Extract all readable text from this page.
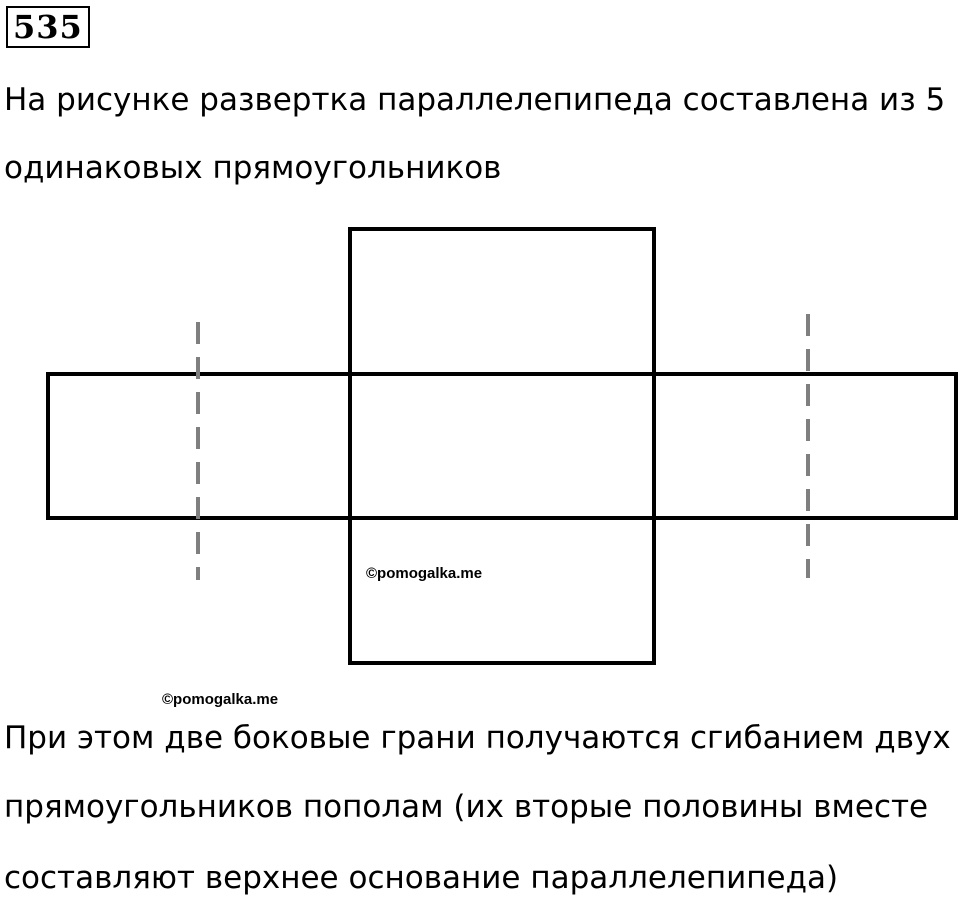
535
На рисунке развертка параллелепипеда составлена из 5
одинаковых прямоугольников
©pomogalka.me
©pomogalka.me
При этом две боковые грани получаются сгибанием двух
прямоугольников пополам (их вторые половины вместе
составляют верхнее основание параллелепипеда)
